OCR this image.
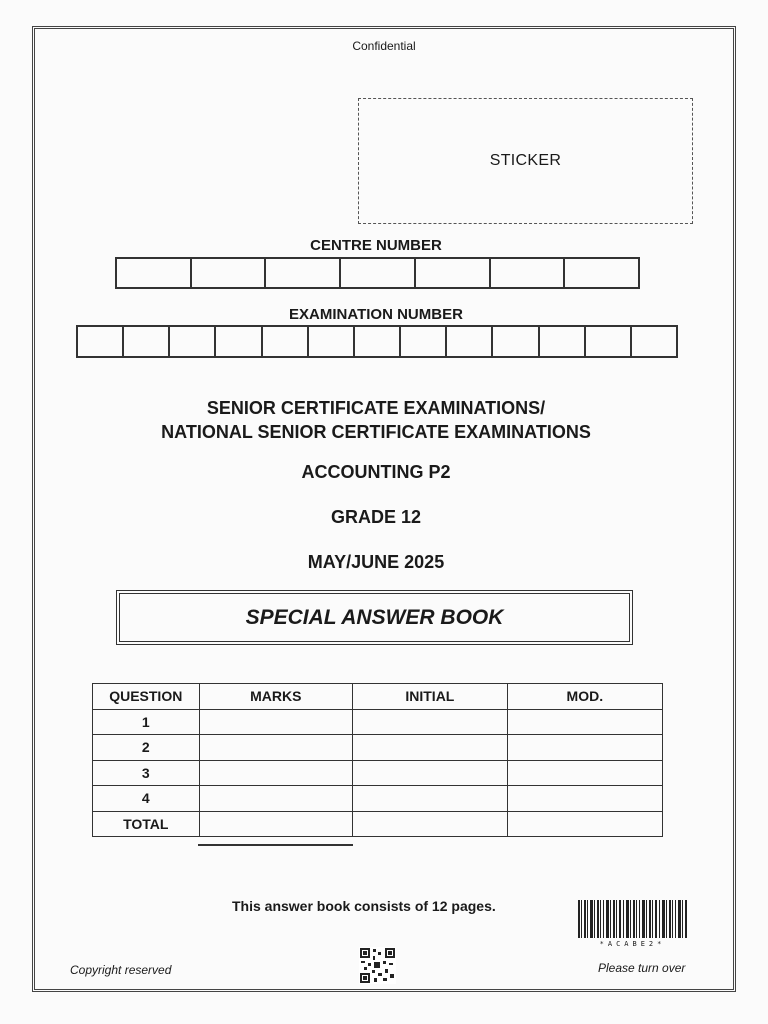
Confidential
STICKER
CENTRE NUMBER
EXAMINATION NUMBER
SENIOR CERTIFICATE EXAMINATIONS/
NATIONAL SENIOR CERTIFICATE EXAMINATIONS
ACCOUNTING P2
GRADE 12
MAY/JUNE 2025
SPECIAL ANSWER BOOK
QUESTION	MARKS	INITIAL	MOD.
1			
2			
3			
4			
TOTAL			
This answer book consists of 12 pages.
*ACABE2*
Copyright reserved	Please turn over
